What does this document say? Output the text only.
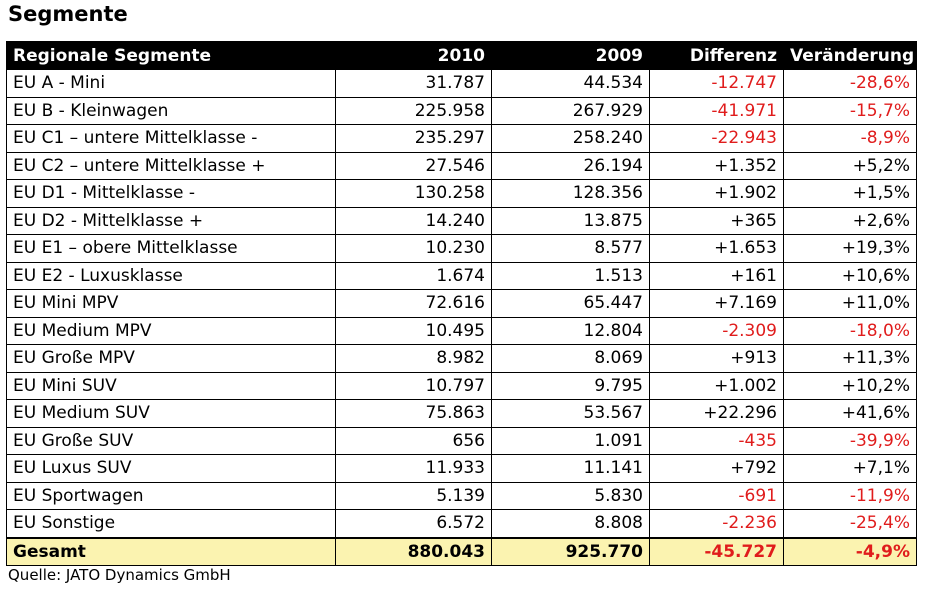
Segmente
Regionale Segmente	2010	2009	Differenz	Veränderung
EU A - Mini	31.787	44.534	-12.747	-28,6%
EU B - Kleinwagen	225.958	267.929	-41.971	-15,7%
EU C1 – untere Mittelklasse -	235.297	258.240	-22.943	-8,9%
EU C2 – untere Mittelklasse +	27.546	26.194	+1.352	+5,2%
EU D1 - Mittelklasse -	130.258	128.356	+1.902	+1,5%
EU D2 - Mittelklasse +	14.240	13.875	+365	+2,6%
EU E1 – obere Mittelklasse	10.230	8.577	+1.653	+19,3%
EU E2 - Luxusklasse	1.674	1.513	+161	+10,6%
EU Mini MPV	72.616	65.447	+7.169	+11,0%
EU Medium MPV	10.495	12.804	-2.309	-18,0%
EU Große MPV	8.982	8.069	+913	+11,3%
EU Mini SUV	10.797	9.795	+1.002	+10,2%
EU Medium SUV	75.863	53.567	+22.296	+41,6%
EU Große SUV	656	1.091	-435	-39,9%
EU Luxus SUV	11.933	11.141	+792	+7,1%
EU Sportwagen	5.139	5.830	-691	-11,9%
EU Sonstige	6.572	8.808	-2.236	-25,4%
Gesamt	880.043	925.770	-45.727	-4,9%
Quelle: JATO Dynamics GmbH
